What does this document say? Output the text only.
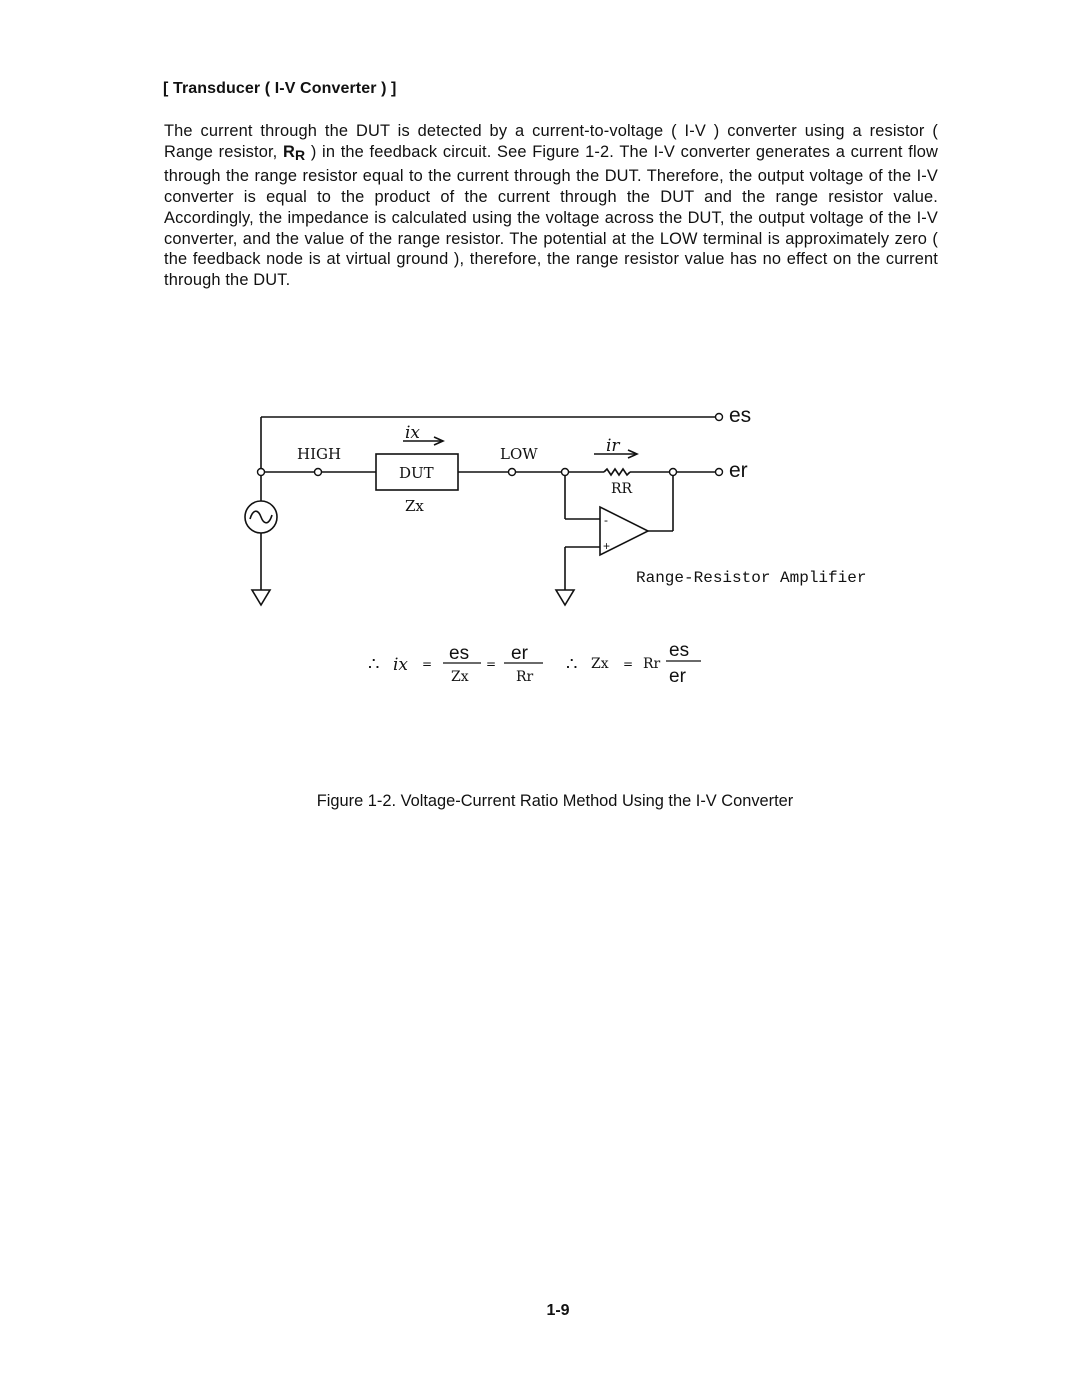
[ Transducer ( I-V Converter ) ]
The current through the DUT is detected by a current-to-voltage ( I-V ) converter using a resistor ( Range resistor, $R_R$ ) in the feedback circuit. See Figure 1-2. The I-V converter generates a current flow through the range resistor equal to the current through the DUT. Therefore, the output voltage of the I-V converter is equal to the product of the current through the DUT and the range resistor value. Accordingly, the impedance is calculated using the voltage across the DUT, the output voltage of the I-V converter, and the value of the range resistor. The potential at the LOW terminal is approximately zero ( the feedback node is at virtual ground ), therefore, the range resistor value has no effect on the current through the DUT.
HIGH	LOW
DUT
Zx
ix
ir
RR
es
er
-
+
Range-Resistor Amplifier
∴ ix = es
Zx
= er
Rr
∴ Zx = Rr
es
er
Figure 1-2. Voltage-Current Ratio Method Using the I-V Converter
1-9
